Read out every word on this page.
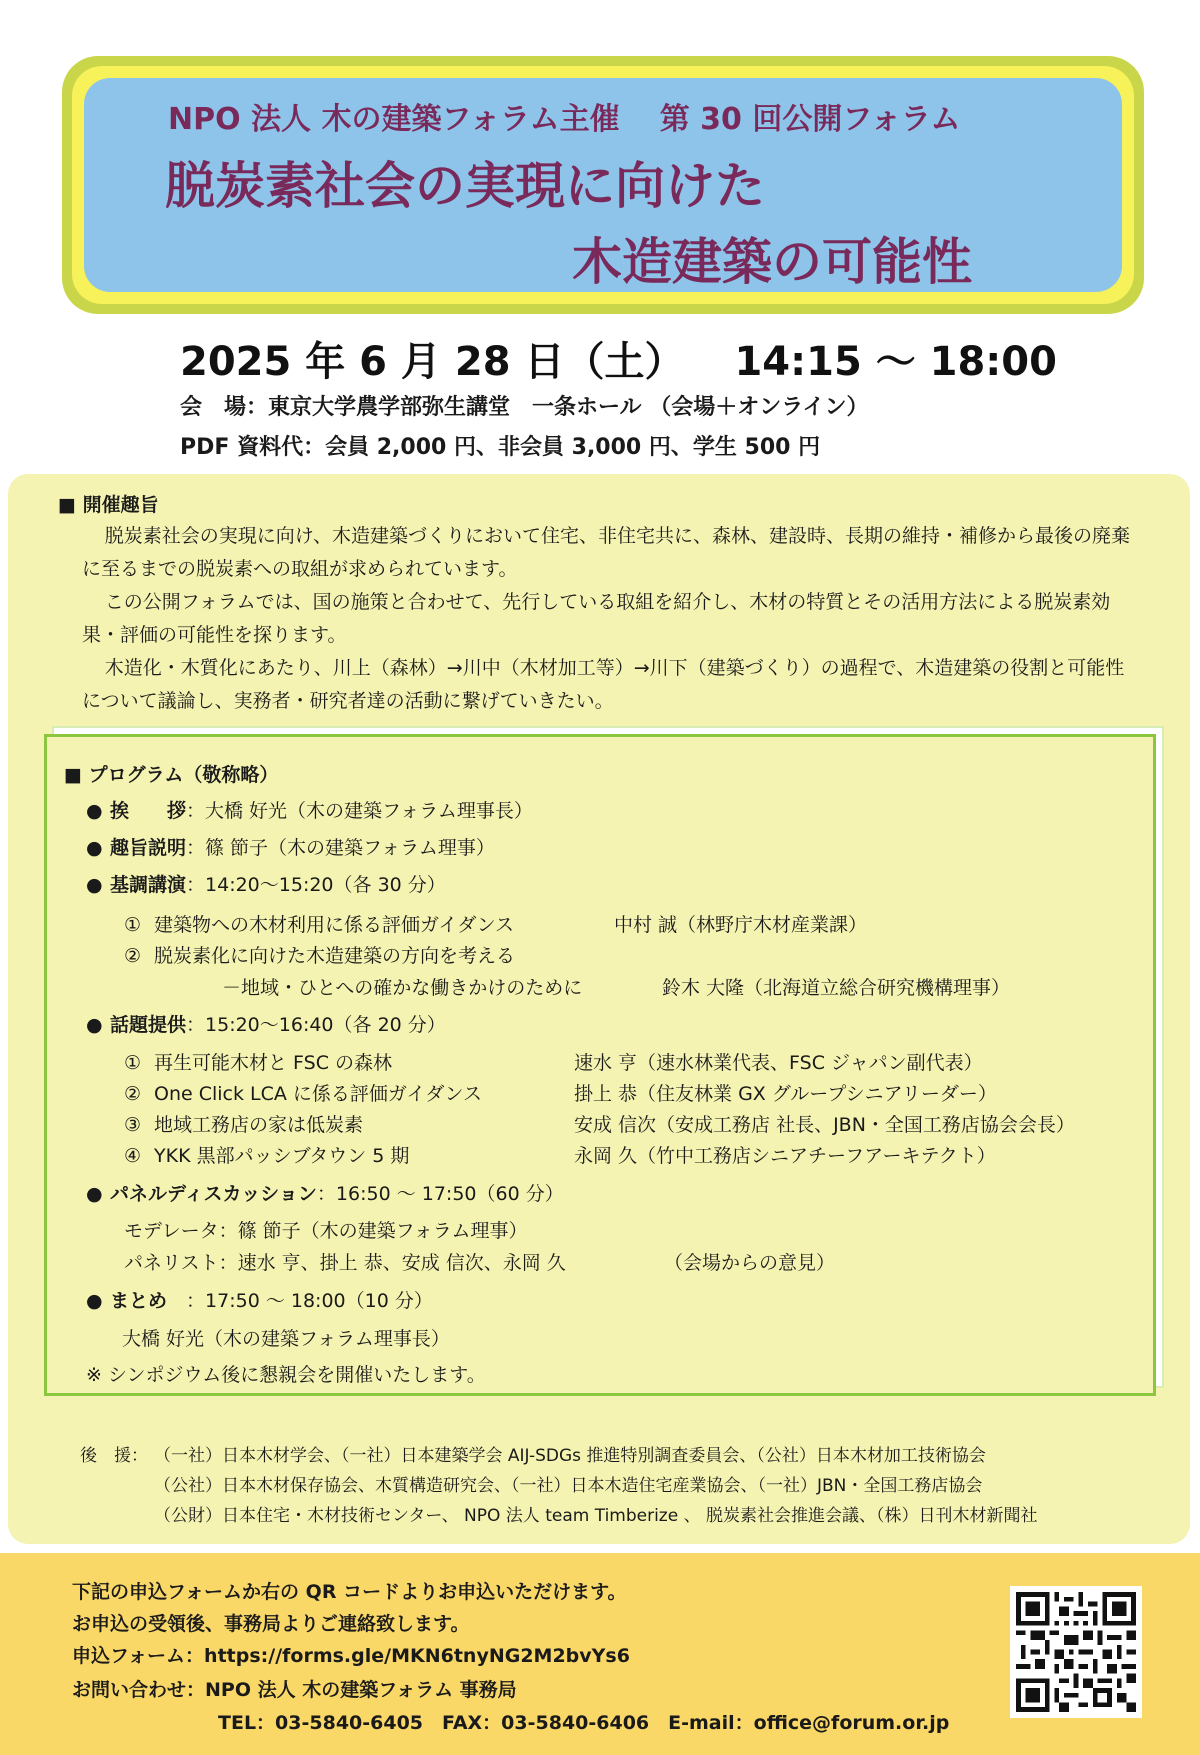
NPO 法人 木の建築フォラム主催 第 30 回公開フォラム
脱炭素社会の実現に向けた
木造建築の可能性
2025 年 6 月 28 日（土） 14:15 ～ 18:00
会　場：東京大学農学部弥生講堂　一条ホール （会場＋オンライン）
PDF 資料代：会員 2,000 円、非会員 3,000 円、学生 500 円
■ 開催趣旨

脱炭素社会の実現に向け、木造建築づくりにおいて住宅、非住宅共に、森林、建設時、長期の維持・補修から最後の廃棄に至るまでの脱炭素への取組が求められています。

この公開フォラムでは、国の施策と合わせて、先行している取組を紹介し、木材の特質とその活用方法による脱炭素効果・評価の可能性を探ります。

木造化・木質化にあたり、川上（森林）→川中（木材加工等）→川下（建築づくり）の過程で、木造建築の役割と可能性について議論し、実務者・研究者達の活動に繋げていきたい。

■ プログラム（敬称略）
● 挨　　拶：大橋 好光（木の建築フォラム理事長）
● 趣旨説明：篠 節子（木の建築フォラム理事）
● 基調講演：14:20～15:20（各 30 分）
① 建築物への木材利用に係る評価ガイダンス	中村 誠（林野庁木材産業課）
② 脱炭素化に向けた木造建築の方向を考える
－地域・ひとへの確かな働きかけのために	鈴木 大隆（北海道立総合研究機構理事）
● 話題提供：15:20～16:40（各 20 分）
① 再生可能木材と FSC の森林	速水 亨（速水林業代表、FSC ジャパン副代表）
② One Click LCA に係る評価ガイダンス	掛上 恭（住友林業 GX グループシニアリーダー）
③ 地域工務店の家は低炭素	安成 信次（安成工務店 社長、JBN・全国工務店協会会長）
④ YKK 黒部パッシブタウン 5 期	永岡 久（竹中工務店シニアチーフアーキテクト）
● パネルディスカッション：16:50 ～ 17:50（60 分）
モデレータ：篠 節子（木の建築フォラム理事）
パネリスト：速水 亨、掛上 恭、安成 信次、永岡 久	（会場からの意見）
● まとめ　 ：17:50 ～ 18:00（10 分）
大橋 好光（木の建築フォラム理事長）
※ シンポジウム後に懇親会を開催いたします。
後　援： （一社）日本木材学会、（一社）日本建築学会 AIJ-SDGs 推進特別調査委員会、（公社）日本木材加工技術協会
（公社）日本木材保存協会、木質構造研究会、（一社）日本木造住宅産業協会、（一社）JBN・全国工務店協会
（公財）日本住宅・木材技術センター、 NPO 法人 team Timberize 、 脱炭素社会推進会議、（株）日刊木材新聞社
下記の申込フォームか右の QR コードよりお申込いただけます。
お申込の受領後、事務局よりご連絡致します。
申込フォーム：https://forms.gle/MKN6tnyNG2M2bvYs6
お問い合わせ：NPO 法人 木の建築フォラム 事務局
TEL：03-5840-6405　FAX：03-5840-6406　E-mail：office@forum.or.jp
